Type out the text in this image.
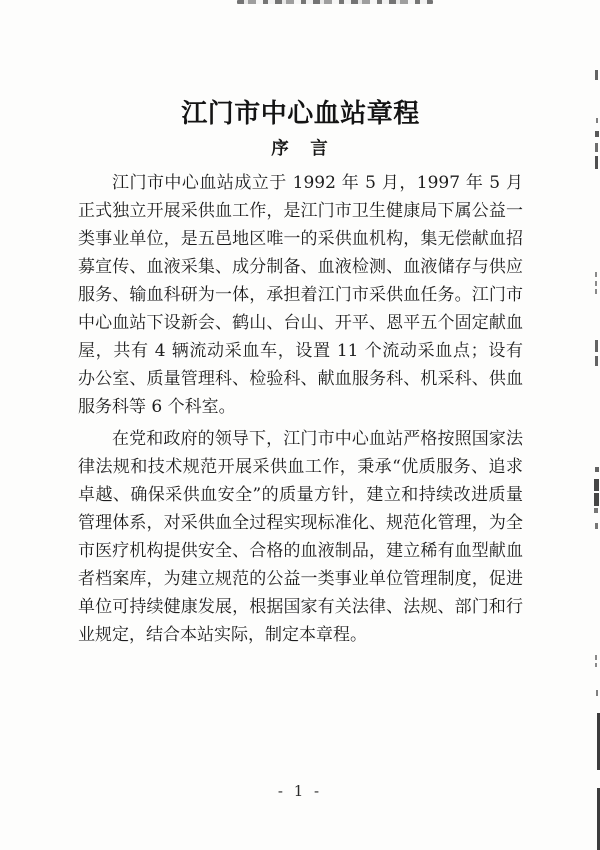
江门市中心血站章程
序　言

江门市中心血站成立于 1992 年 5 月，1997 年 5 月正式独立开展采供血工作，是江门市卫生健康局下属公益一类事业单位，是五邑地区唯一的采供血机构，集无偿献血招募宣传、血液采集、成分制备、血液检测、血液储存与供应服务、输血科研为一体，承担着江门市采供血任务。江门市中心血站下设新会、鹤山、台山、开平、恩平五个固定献血屋，共有 4 辆流动采血车，设置 11 个流动采血点；设有办公室、质量管理科、检验科、献血服务科、机采科、供血服务科等 6 个科室。

在党和政府的领导下，江门市中心血站严格按照国家法律法规和技术规范开展采供血工作，秉承“优质服务、追求卓越、确保采供血安全”的质量方针，建立和持续改进质量管理体系，对采供血全过程实现标准化、规范化管理，为全市医疗机构提供安全、合格的血液制品，建立稀有血型献血者档案库，为建立规范的公益一类事业单位管理制度，促进单位可持续健康发展，根据国家有关法律、法规、部门和行业规定，结合本站实际，制定本章程。

- 1 -
